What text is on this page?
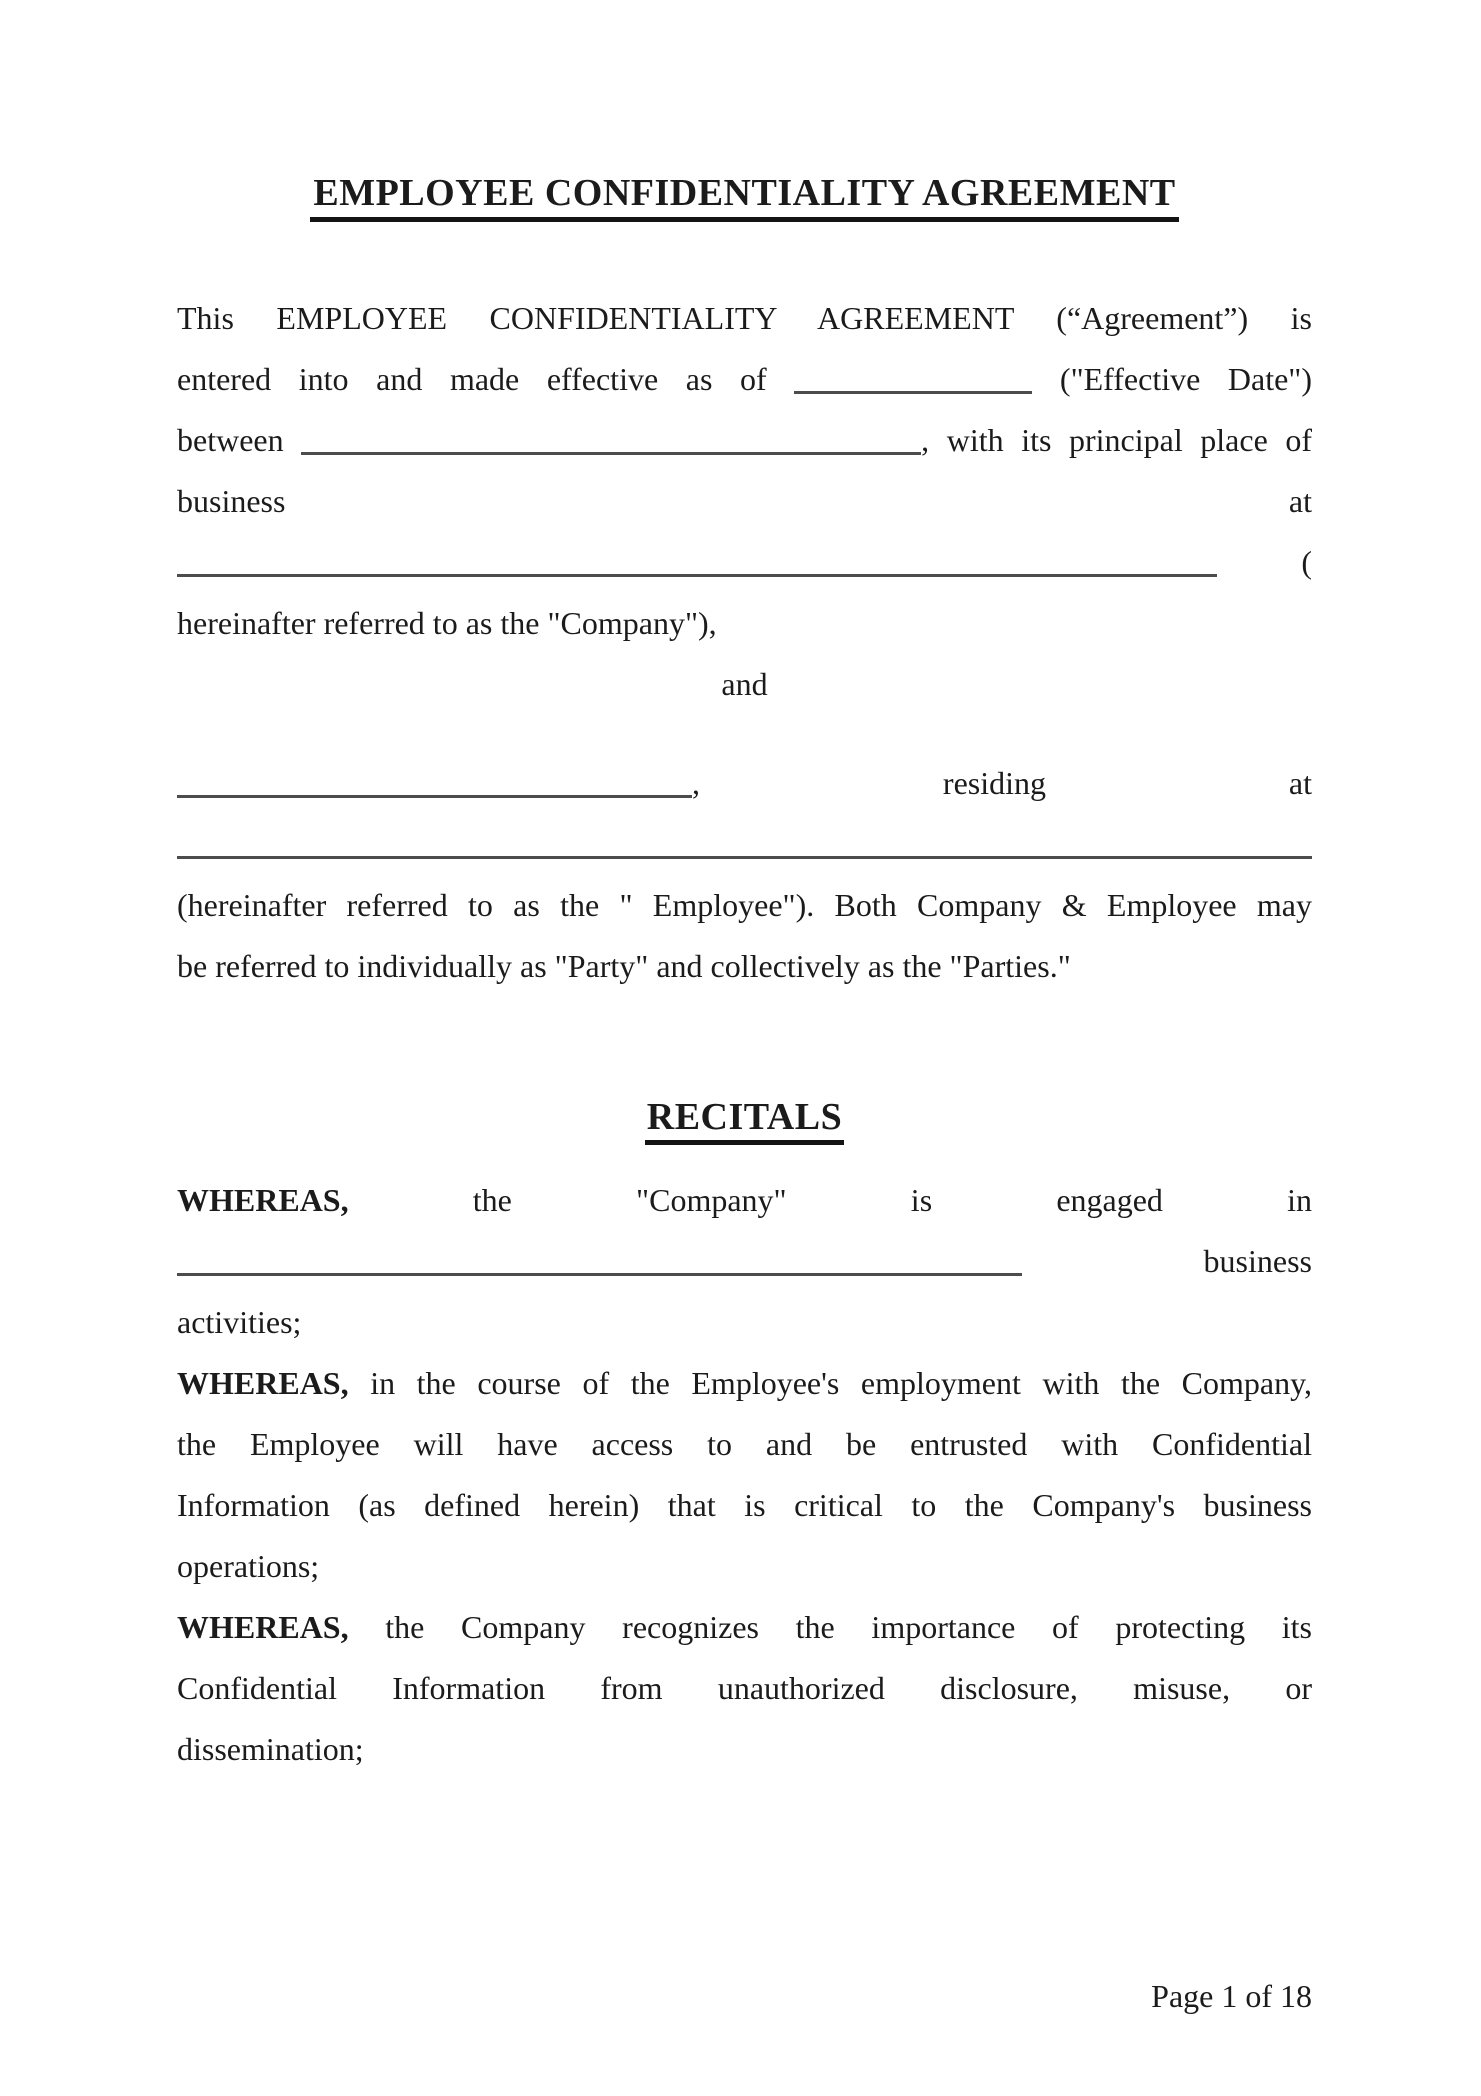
EMPLOYEE CONFIDENTIALITY AGREEMENT
This EMPLOYEE CONFIDENTIALITY AGREEMENT (“Agreement”) is
entered into and made effective as of	("Effective Date")
between	, with its principal place of
business at
(
hereinafter referred to as the "Company"),
and
, residing at
(hereinafter referred to as the " Employee"). Both Company & Employee may
be referred to individually as "Party" and collectively as the "Parties."
RECITALS
WHEREAS,	the "Company" is engaged in
business
activities;
WHEREAS, in the course of the Employee's employment with the Company,
the Employee will have access to and be entrusted with Confidential
Information (as defined herein) that is critical to the Company's business
operations;
WHEREAS, the Company recognizes the importance of protecting its
Confidential Information from unauthorized disclosure, misuse, or
dissemination;
Page 1 of 18
